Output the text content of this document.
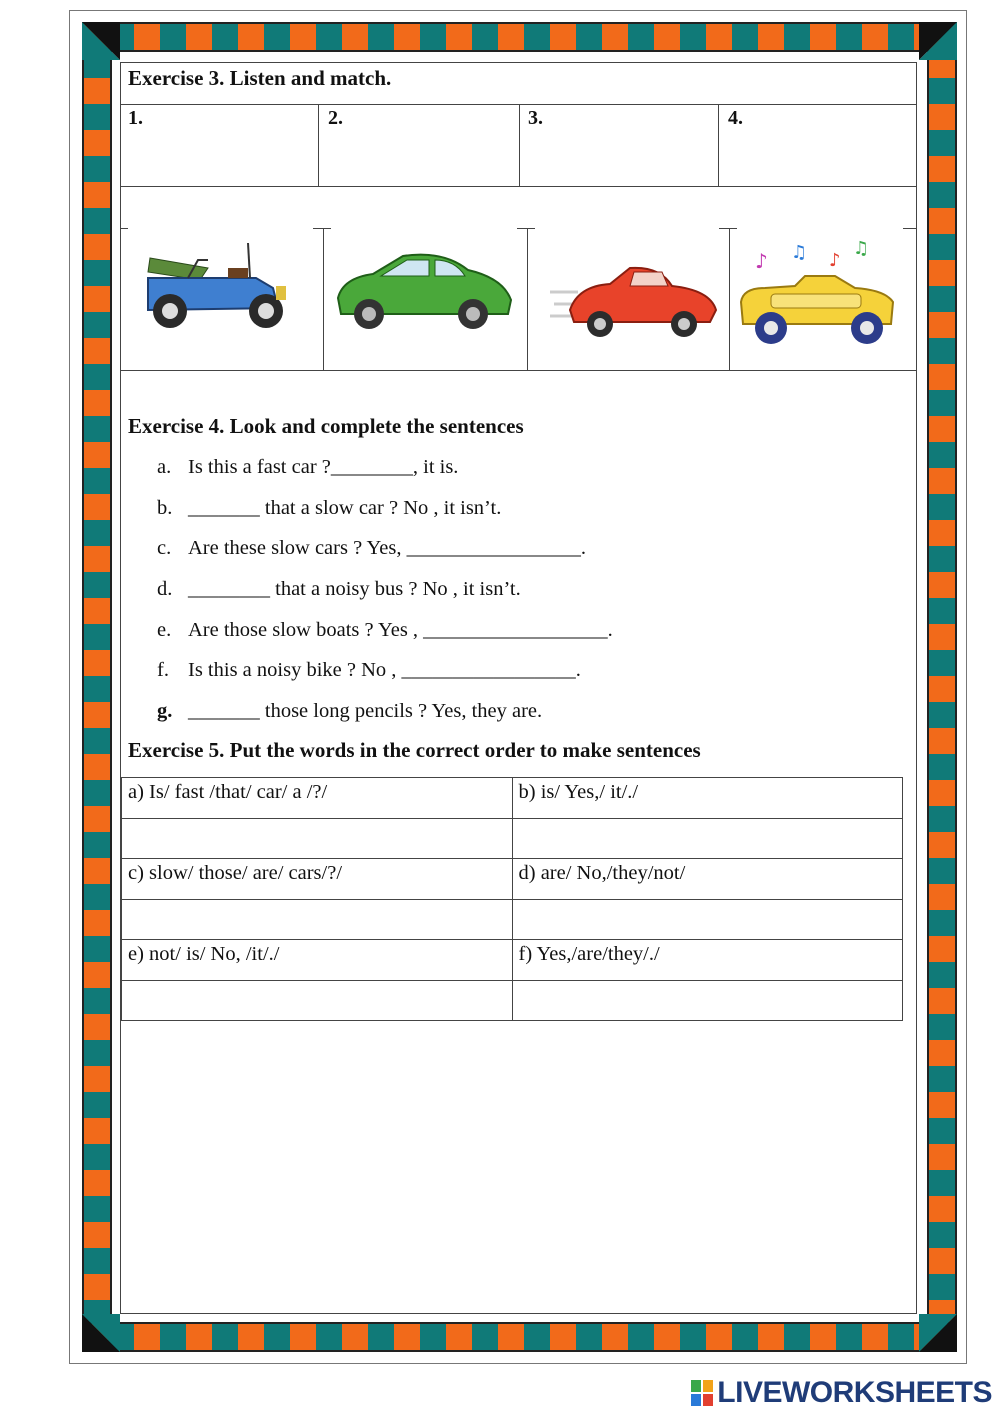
Exercise 3. Listen and match.
1.	2.	3.	4.
♪ ♫ ♪
♫
Exercise 4. Look and complete the sentences
a. Is this a fast car ?________, it is.
b. _______ that a slow car ? No , it isn’t.
c. Are these slow cars ? Yes, _________________.
d. ________ that a noisy bus ? No , it isn’t.
e. Are those slow boats ? Yes , __________________.
f. Is this a noisy bike ? No , _________________.
g. _______ those long pencils ? Yes, they are.
Exercise 5. Put the words in the correct order to make sentences
a) Is/ fast /that/ car/ a /?/	b) is/ Yes,/ it/./

c) slow/ those/ are/ cars/?/	d) are/ No,/they/not/

e) not/ is/ No, /it/./	f) Yes,/are/they/./

LIVEWORKSHEETS
